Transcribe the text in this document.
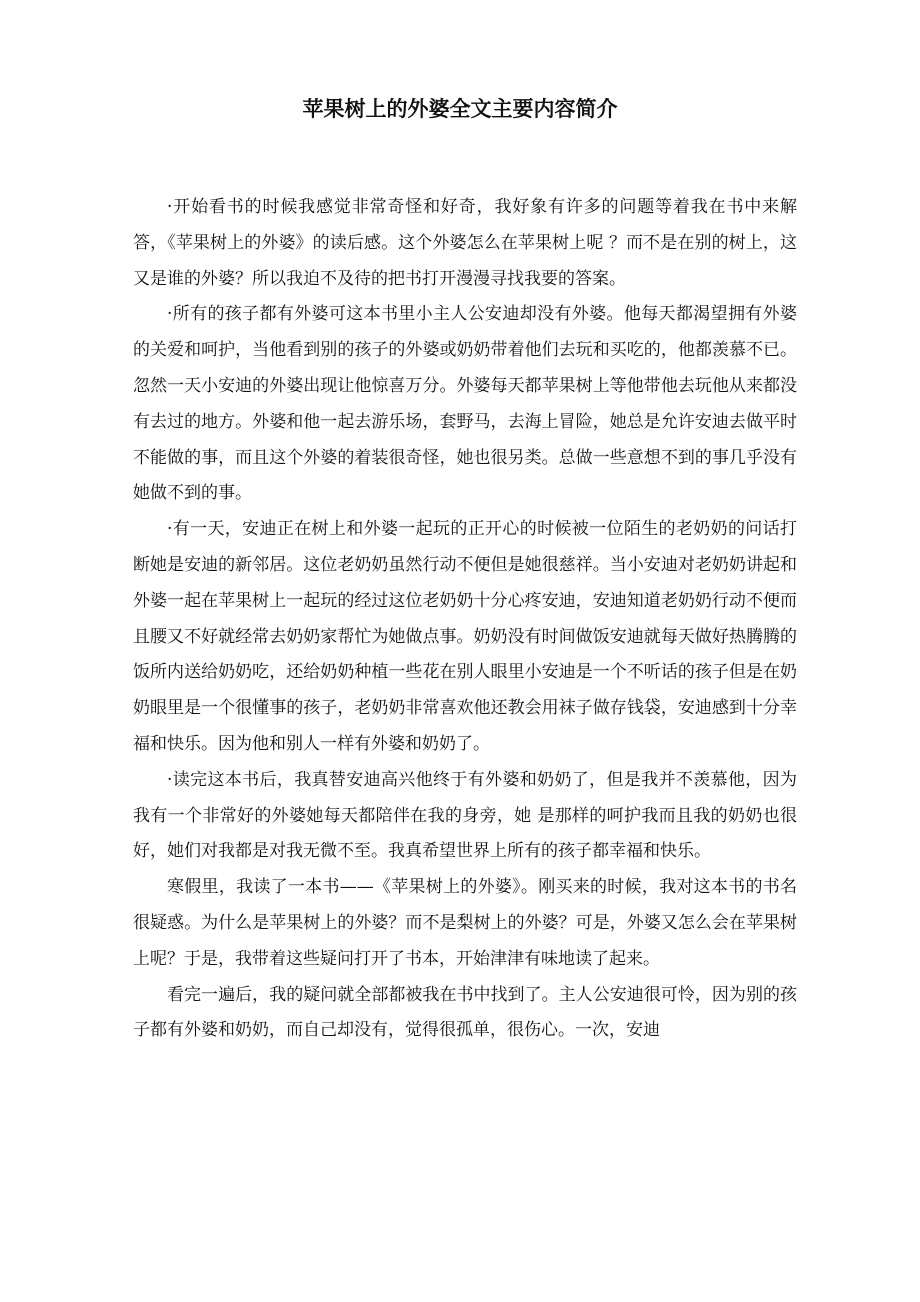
苹果树上的外婆全文主要内容简介

·开始看书的时候我感觉非常奇怪和好奇，我好象有许多的问题等着我在书中来解答，《苹果树上的外婆》的读后感。这个外婆怎么在苹果树上呢 ？而不是在别的树上，这又是谁的外婆？所以我迫不及待的把书打开漫漫寻找我要的答案。

·所有的孩子都有外婆可这本书里小主人公安迪却没有外婆。他每天都渴望拥有外婆的关爱和呵护，当他看到别的孩子的外婆或奶奶带着他们去玩和买吃的，他都羡慕不已。忽然一天小安迪的外婆出现让他惊喜万分。外婆每天都苹果树上等他带他去玩他从来都没有去过的地方。外婆和他一起去游乐场，套野马，去海上冒险，她总是允许安迪去做平时不能做的事，而且这个外婆的着装很奇怪，她也很另类。总做一些意想不到的事几乎没有她做不到的事。

·有一天，安迪正在树上和外婆一起玩的正开心的时候被一位陌生的老奶奶的问话打断她是安迪的新邻居。这位老奶奶虽然行动不便但是她很慈祥。当小安迪对老奶奶讲起和外婆一起在苹果树上一起玩的经过这位老奶奶十分心疼安迪，安迪知道老奶奶行动不便而且腰又不好就经常去奶奶家帮忙为她做点事。奶奶没有时间做饭安迪就每天做好热腾腾的饭所内送给奶奶吃，还给奶奶种植一些花在别人眼里小安迪是一个不听话的孩子但是在奶奶眼里是一个很懂事的孩子，老奶奶非常喜欢他还教会用袜子做存钱袋，安迪感到十分幸福和快乐。因为他和别人一样有外婆和奶奶了。

·读完这本书后，我真替安迪高兴他终于有外婆和奶奶了，但是我并不羡慕他，因为我有一个非常好的外婆她每天都陪伴在我的身旁，她 是那样的呵护我而且我的奶奶也很好，她们对我都是对我无微不至。我真希望世界上所有的孩子都幸福和快乐。

寒假里，我读了一本书——《苹果树上的外婆》。刚买来的时候，我对这本书的书名很疑惑。为什么是苹果树上的外婆？而不是梨树上的外婆？可是，外婆又怎么会在苹果树上呢？于是，我带着这些疑问打开了书本，开始津津有味地读了起来。

看完一遍后，我的疑问就全部都被我在书中找到了。主人公安迪很可怜，因为别的孩子都有外婆和奶奶，而自己却没有，觉得很孤单，很伤心。一次，安迪
